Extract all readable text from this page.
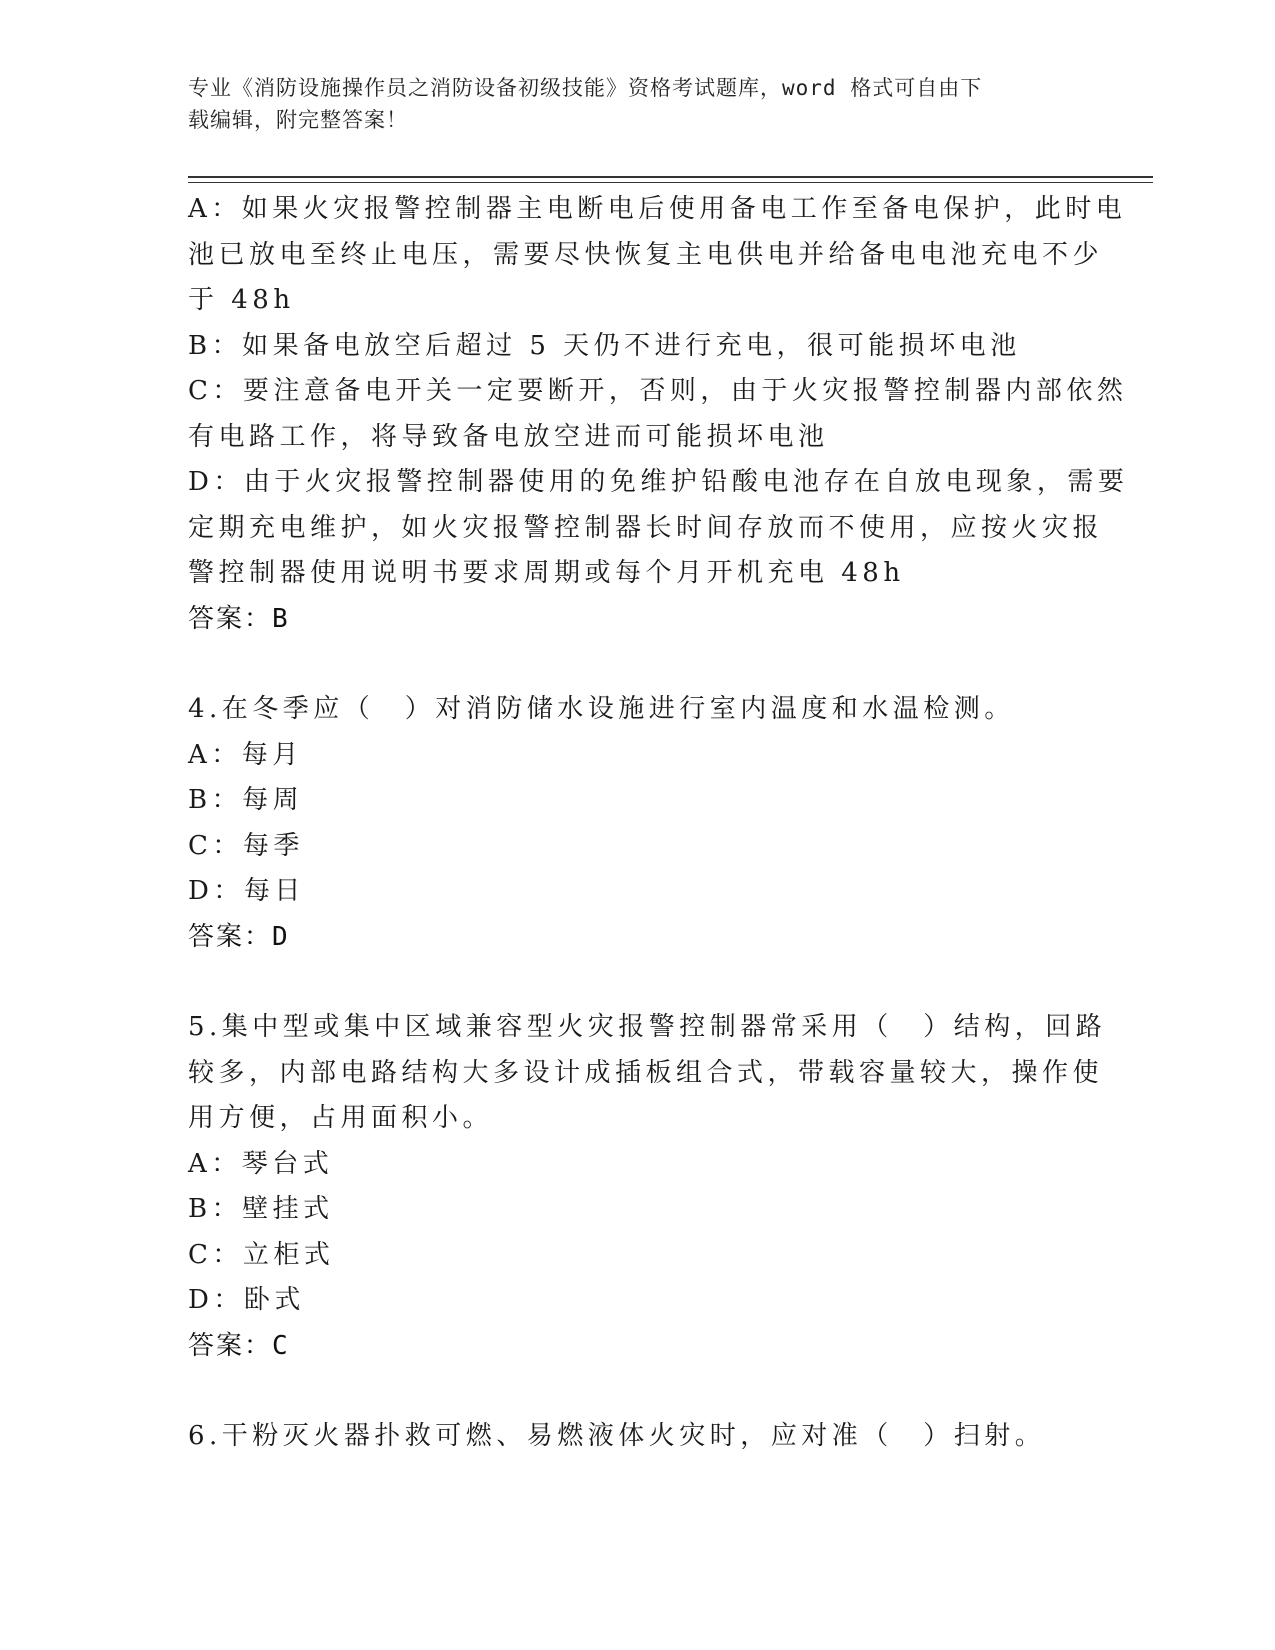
专业《消防设施操作员之消防设备初级技能》资格考试题库，word 格式可自由下
载编辑，附完整答案！
A：如果火灾报警控制器主电断电后使用备电工作至备电保护，此时电
池已放电至终止电压，需要尽快恢复主电供电并给备电电池充电不少
于 48h
B：如果备电放空后超过 5 天仍不进行充电，很可能损坏电池
C：要注意备电开关一定要断开，否则，由于火灾报警控制器内部依然
有电路工作，将导致备电放空进而可能损坏电池
D：由于火灾报警控制器使用的免维护铅酸电池存在自放电现象，需要
定期充电维护，如火灾报警控制器长时间存放而不使用，应按火灾报
警控制器使用说明书要求周期或每个月开机充电 48h
答案：B
4.在冬季应（　）对消防储水设施进行室内温度和水温检测。
A：每月
B：每周
C：每季
D：每日
答案：D
5.集中型或集中区域兼容型火灾报警控制器常采用（　）结构，回路
较多，内部电路结构大多设计成插板组合式，带载容量较大，操作使
用方便，占用面积小。
A：琴台式
B：壁挂式
C：立柜式
D：卧式
答案：C
6.干粉灭火器扑救可燃、易燃液体火灾时，应对准（　）扫射。
